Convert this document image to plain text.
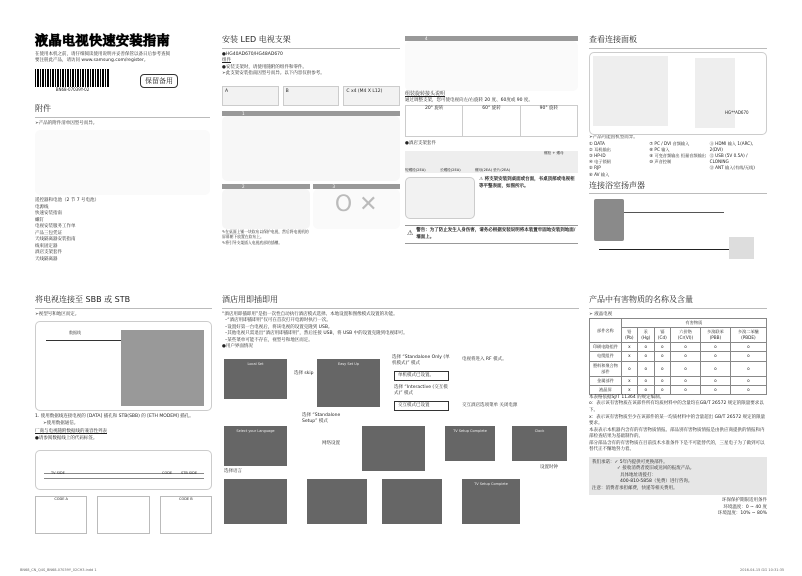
液晶电视快速安装指南
在使用本机之前，请仔细阅读使用说明并妥善保管以备日后参考查阅
要注册此产品，请访问 www.samsung.com/register。
BN68-07039Y-02
保留备用
附件
➢产品的附件清单因型号而异。
遥控器和电池（2 节 7 号电池）
电源线
快速安装指南
螺钉
电视安装服务工作单
产品三包凭证
天线隔离器安装指南
线束固定器
酒店支架套件
天线隔离器
安装 LED 电视支架
●HG40AD670/HG48AD670
组件
●安装支架时，请使用随附的组件和零件。
➢此支架安装指南因型号而异。以下内容仅供参考。
A	B	C x4 (M4 X L12)
1
2	3
O ✕
✎在桌面上铺一块软布以保护电视，然后将电视机的屏幕朝下放置在软布上。
✎将引导支架插入电视底部的插槽。
4
组装旋转接头说明
通过调整支架，您可使电视向左/右旋转 20 度、60度或 90 度。
20° 旋转	60° 旋转	90° 旋转
●酒店支架套件
短螺栓(2EA)	长螺栓(2EA)	螺母(2EA) 垫片(2EA)
螺栓 + 螺母
⚠ 将支架安装到桌面或台面，书桌顶部或电视柜等平整表面，如图所示。
⚠ 警告：为了防止发生人身伤害，请务必根据安装说明将本装置牢固地安装到地面/墙面上。
查看连接面板
HG**AD670
➢产品可能因机型而异。
① DATA
② 耳机输出
③ HP-ID
④ 电子锁闸
⑤ RJP
⑥ AV 输入
⑦ PC / DVI 音频输入
⑧ PC 输入
⑨ 可变音频输出 恒量音频输出
⑩ 声音控制
⑪ HDMI 输入 1(ARC), 2(DVI)
⑫ USB (5V 0.5A) / CLONING
⑬ ANT 输入(有线/无线)
连接浴室扬声器
将电视连接至 SBB 或 STB
➢视型号和地区而定。
数据线
1. 使用数据线连接电视的 [DATA] 插孔和 STB(SBB) 的 [ETH MODEM] 插孔。
➢使用数据通信。
厂商与电视随附数据线的兼容性列表
●请参阅数据线上的代码标签。
TV SIDE	CODE	STB SIDE
CODE A	CODE B
酒店用即插即用
“酒店用即插即用”是指一次性自动执行酒店模式选择、本地设置和图像模式设置的功能。
–“酒店用即插即用”仅可在首次打开电源时执行一次。
–设置好第一台电视后，将该电视的设置克隆到 USB。
–其他电视只需退出“酒店用即插即用”，然后连接 USB，将 USB 中的设置克隆到电视即可。
–某些菜单可能不存在，视型号和地区而定。
●用户界面情况
Local Set
选择 skip
Easy Set Up
选择 “Standalone Only (单机模式)” 模式
单机模式已设置。
电视将进入 RF 模式。
选择 “Interactive (交互模式)” 模式
交互模式已设置	交互酒店选项菜单 关闭电源
选择 “Standalone Setup” 模式
Select your Language
选择语言
网络设置
TV Setup Complete	Clock
设置时钟
TV Setup Complete
产品中有害物质的名称及含量
➢ 液晶电视
部件名称	有害物质					
	铅 (Pb)	汞 (Hg)	镉 (Cd)	六价铬 (Cr(VI))	多溴联苯 (PBB)	多溴二苯醚 (PBDE)
印刷电路组件	x	o	o	o	o	o
电缆组件	x	o	o	o	o	o
塑料和聚合物部件	o	o	o	o	o	o
金属部件	x	o	o	o	o	o
液晶屏	x	o	o	o	o	o
本表格依据SJ/T 11364 的规定编制。
o：表示该有害物质在该部件所有均质材料中的含量均在GB/T 26572 规定的限量要求以下。
x：表示该有害物质至少在该部件的某一均质材料中的含量超出 GB/T 26572 规定的限量要求。
本表表示本机器内含有的有害物质情报。部品别有害物质情报是由供应商提供的情报和内部检查结果为基础制作的。
部分部品含有的有害物质在目前技术水准条件下是不可能替代的，三星电子为了做到可以替代正不懈地努力着。
我们承诺：✓ 5年内提供可更换部件。
✓ 接收消费者废旧或送回的报废产品。
具体地址请拨打：
400-810-5858（免费）进行咨询。
注意：消费者承担邮费，快递等相关费用。
环保保护期限适用条件
环境温度：0 ~ 40 度
环境湿度：10% ~ 80%
BN68_CN_Q4S_BN68-07039Y_02CH3.indd 1	2016-04-15 ⊡⊡ 10:31:35
